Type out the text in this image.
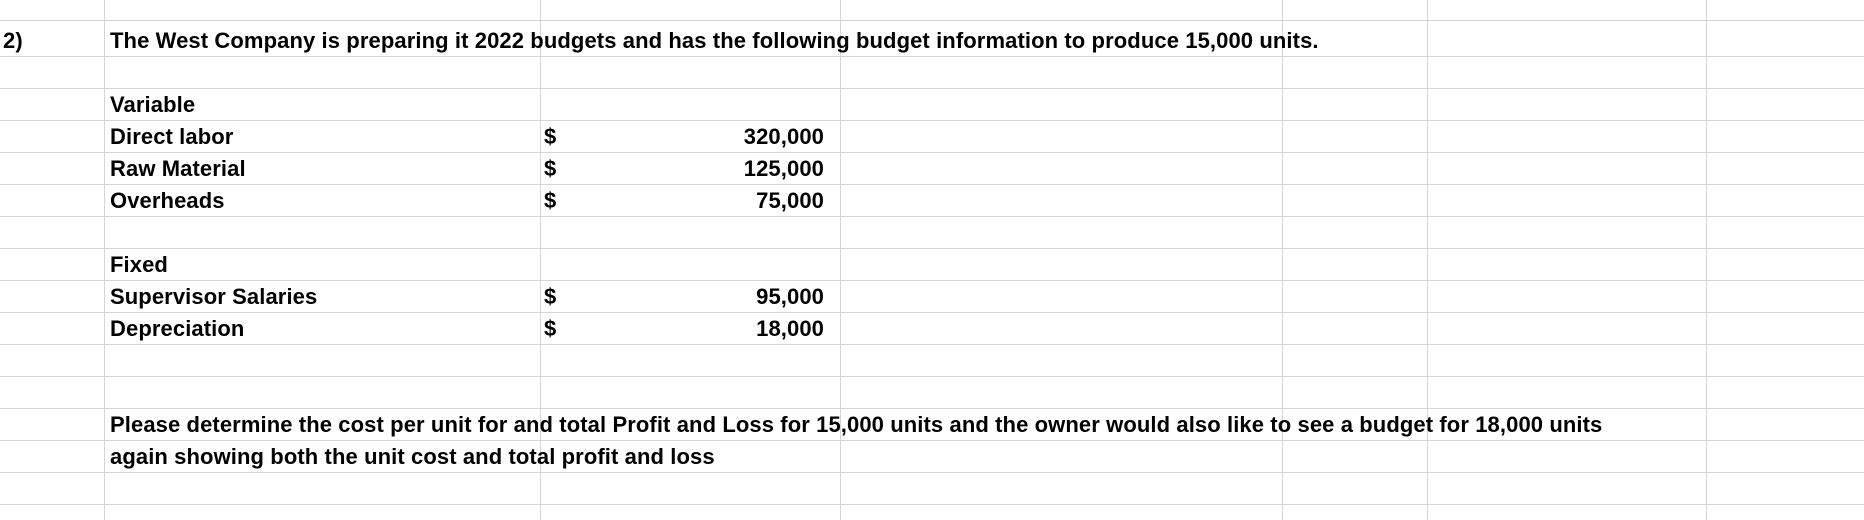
2)	The West Company is preparing it 2022 budgets and has the following budget information to produce 15,000 units.
Variable
Direct labor	$	320,000
Raw Material	$	125,000
Overheads	$	75,000
Fixed
Supervisor Salaries	$	95,000
Depreciation	$	18,000
Please determine the cost per unit for and total Profit and Loss for 15,000 units and the owner would also like to see a budget for 18,000 units
again showing both the unit cost and total profit and loss
